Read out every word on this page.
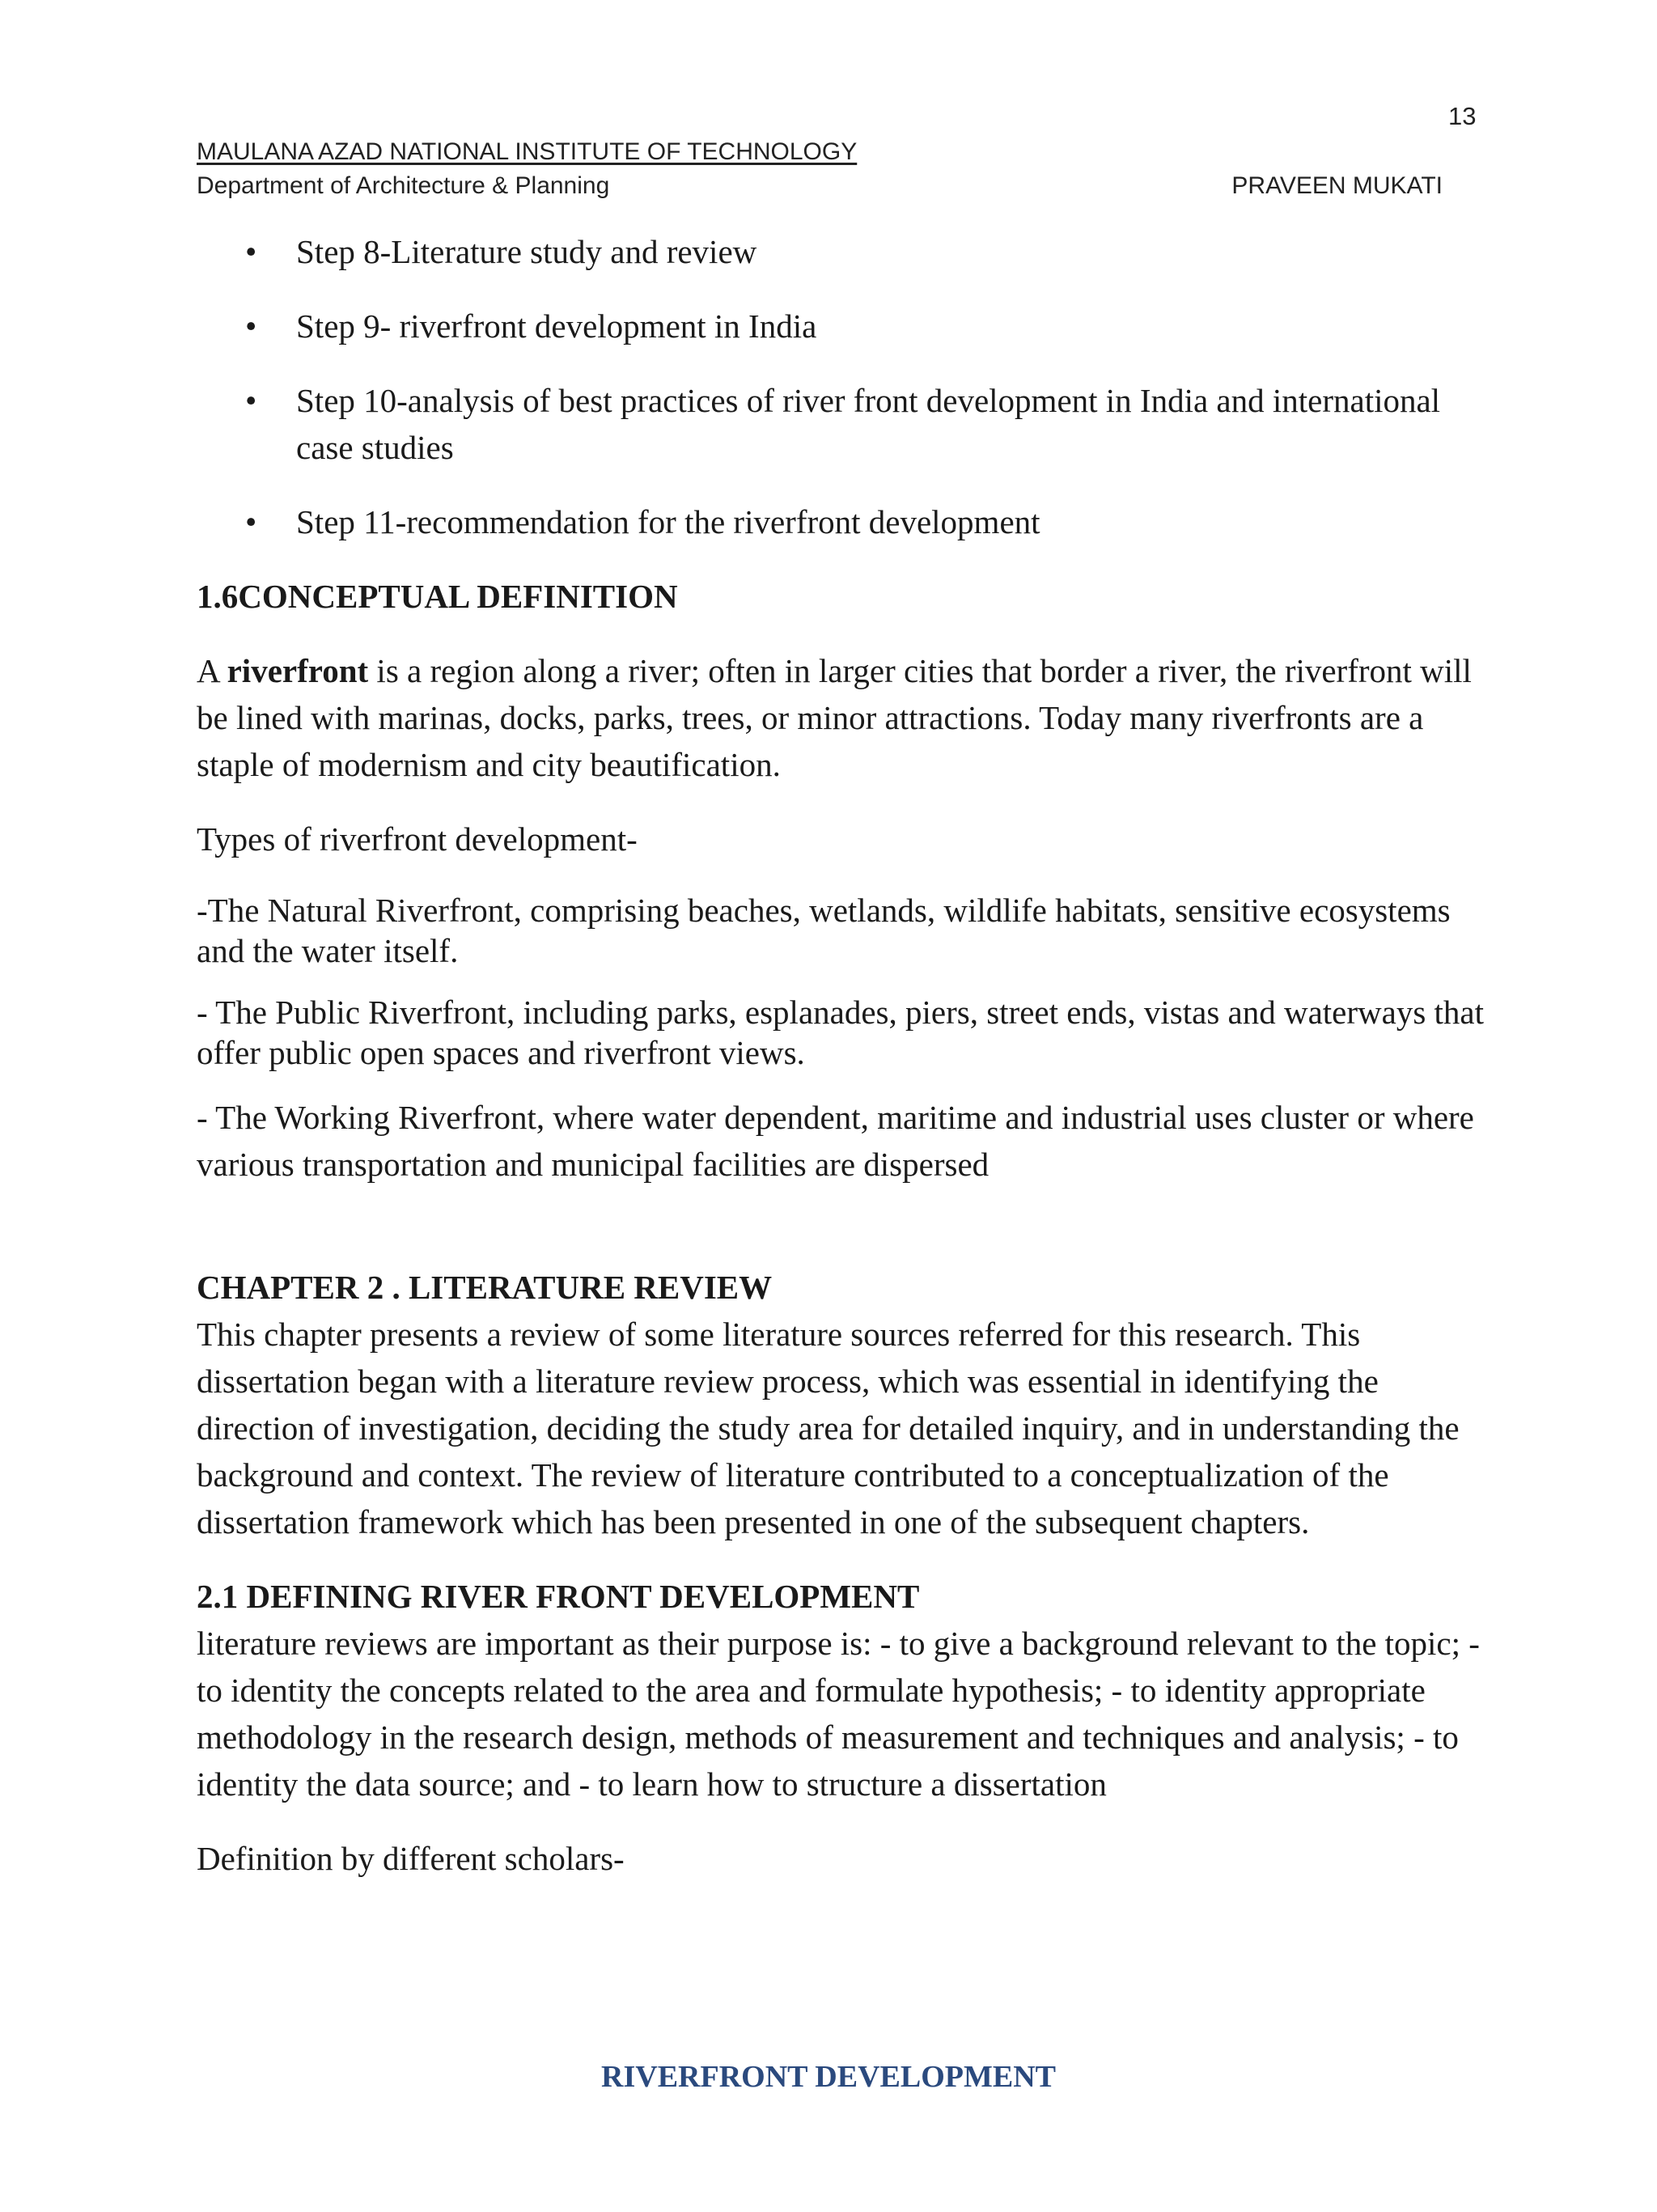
13
MAULANA AZAD NATIONAL INSTITUTE OF TECHNOLOGY
Department of Architecture & Planning	PRAVEEN MUKATI
• Step 8-Literature study and review
• Step 9- riverfront development in India
• Step 10-analysis of best practices of river front development in India and international case studies
• Step 11-recommendation for the riverfront development
1.6CONCEPTUAL DEFINITION

A riverfront is a region along a river; often in larger cities that border a river, the riverfront will be lined with marinas, docks, parks, trees, or minor attractions. Today many riverfronts are a staple of modernism and city beautification.

Types of riverfront development-

-The Natural Riverfront, comprising beaches, wetlands, wildlife habitats, sensitive ecosystems and the water itself.

- The Public Riverfront, including parks, esplanades, piers, street ends, vistas and waterways that offer public open spaces and riverfront views.

- The Working Riverfront, where water dependent, maritime and industrial uses cluster or where various transportation and municipal facilities are dispersed

CHAPTER 2 . LITERATURE REVIEW

This chapter presents a review of some literature sources referred for this research. This dissertation began with a literature review process, which was essential in identifying the direction of investigation, deciding the study area for detailed inquiry, and in understanding the background and context. The review of literature contributed to a conceptualization of the dissertation framework which has been presented in one of the subsequent chapters.

2.1 DEFINING RIVER FRONT DEVELOPMENT

literature reviews are important as their purpose is: - to give a background relevant to the topic; - to identity the concepts related to the area and formulate hypothesis; - to identity appropriate methodology in the research design, methods of measurement and techniques and analysis; - to identity the data source; and - to learn how to structure a dissertation

Definition by different scholars-

RIVERFRONT DEVELOPMENT
